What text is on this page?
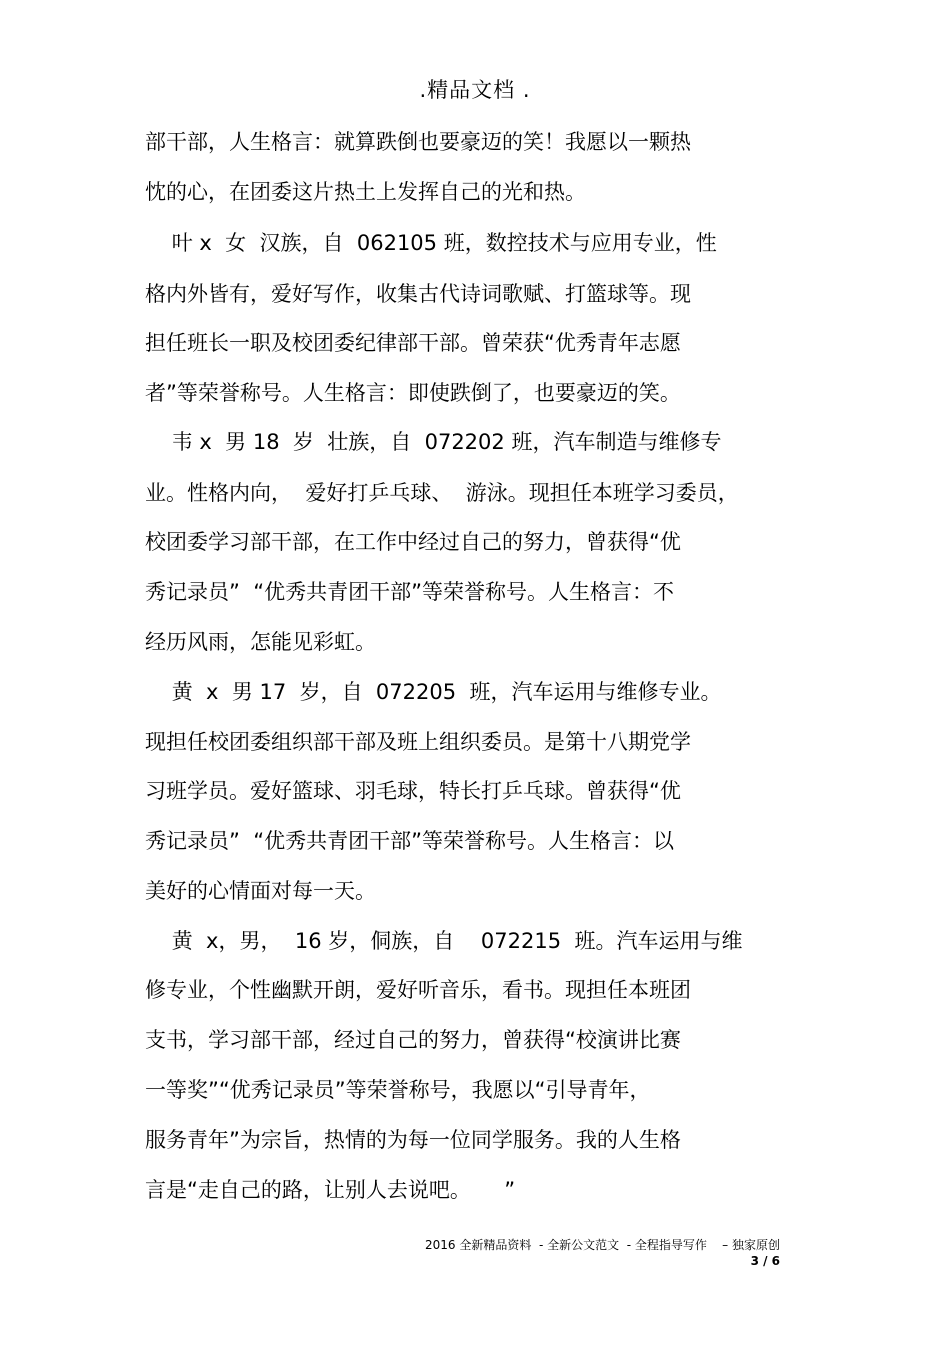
.精品文档 .
部干部，人生格言：就算跌倒也要豪迈的笑！我愿以一颗热
忱的心，在团委这片热土上发挥自己的光和热。
叶 x  女  汉族，自  062105 班，数控技术与应用专业，性
格内外皆有，爱好写作，收集古代诗词歌赋、打篮球等。现
担任班长一职及校团委纪律部干部。曾荣获“优秀青年志愿
者”等荣誉称号。人生格言：即使跌倒了，也要豪迈的笑。
韦 x  男 18  岁  壮族，自  072202 班，汽车制造与维修专
业。性格内向，  爱好打乒乓球、  游泳。现担任本班学习委员，
校团委学习部干部，在工作中经过自己的努力，曾获得“优
秀记录员”  “优秀共青团干部”等荣誉称号。人生格言：不
经历风雨，怎能见彩虹。
黄  x  男 17  岁，自  072205  班，汽车运用与维修专业。
现担任校团委组织部干部及班上组织委员。是第十八期党学
习班学员。爱好篮球、羽毛球，特长打乒乓球。曾获得“优
秀记录员”  “优秀共青团干部”等荣誉称号。人生格言：以
美好的心情面对每一天。
黄  x，男，  16 岁，侗族，自    072215  班。汽车运用与维
修专业，个性幽默开朗，爱好听音乐，看书。现担任本班团
支书，学习部干部，经过自己的努力，曾获得“校演讲比赛
一等奖”“优秀记录员”等荣誉称号，我愿以“引导青年，
服务青年”为宗旨，热情的为每一位同学服务。我的人生格
言是“走自己的路，让别人去说吧。     ”
2016 全新精品资料  - 全新公文范文  - 全程指导写作    – 独家原创
3 / 6
